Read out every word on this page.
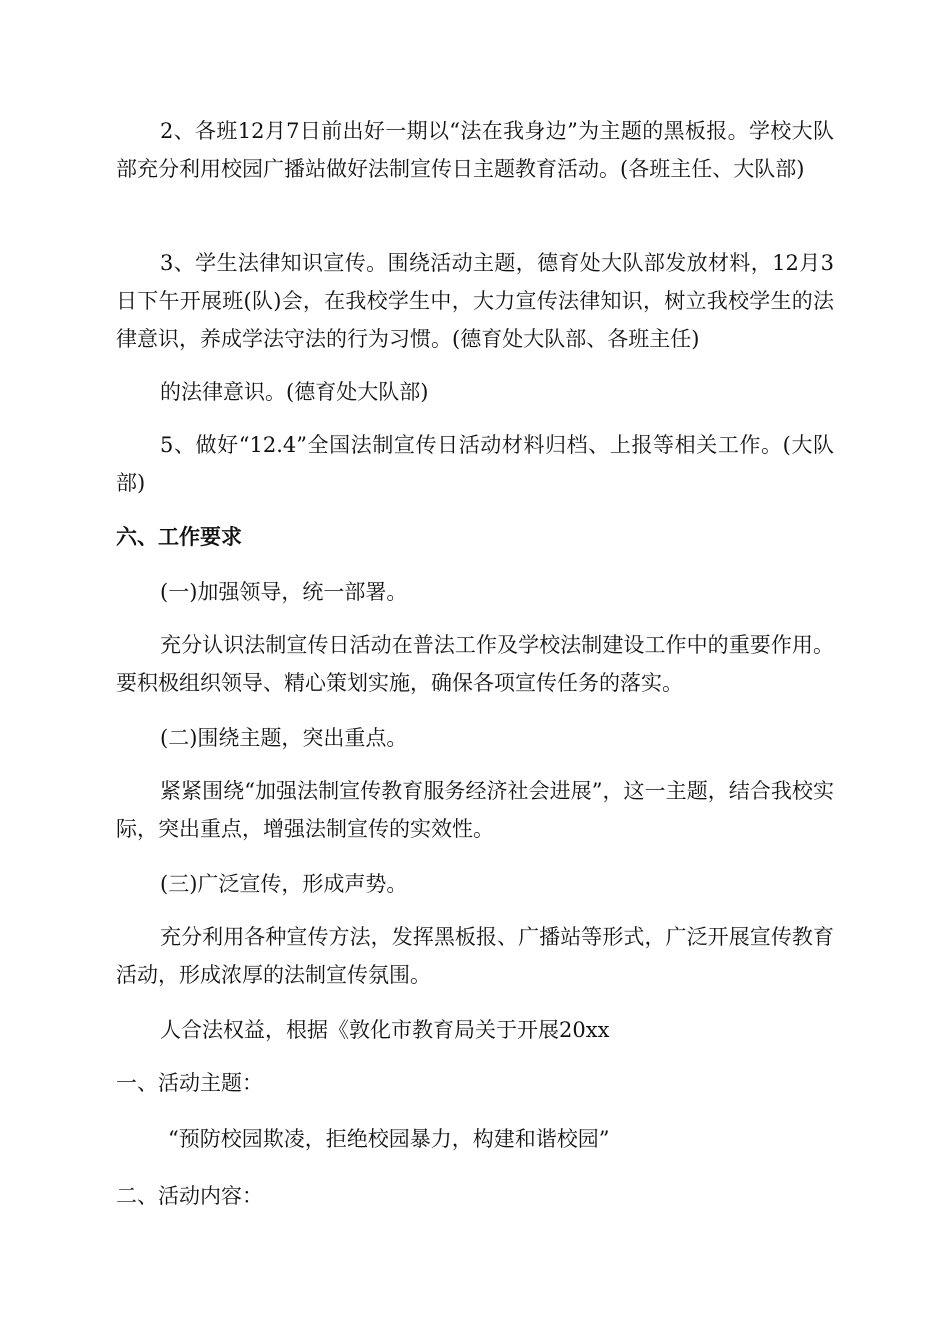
2、各班12月7日前出好一期以“法在我身边”为主题的黑板报。学校大队部充分利用校园广播站做好法制宣传日主题教育活动。(各班主任、大队部)

3、学生法律知识宣传。围绕活动主题，德育处大队部发放材料，12月3日下午开展班(队)会，在我校学生中，大力宣传法律知识，树立我校学生的法律意识，养成学法守法的行为习惯。(德育处大队部、各班主任)

的法律意识。(德育处大队部)

5、做好“12.4”全国法制宣传日活动材料归档、上报等相关工作。(大队部)

六、工作要求

(一)加强领导，统一部署。

充分认识法制宣传日活动在普法工作及学校法制建设工作中的重要作用。要积极组织领导、精心策划实施，确保各项宣传任务的落实。

(二)围绕主题，突出重点。

紧紧围绕“加强法制宣传教育服务经济社会进展”，这一主题，结合我校实际，突出重点，增强法制宣传的实效性。

(三)广泛宣传，形成声势。

充分利用各种宣传方法，发挥黑板报、广播站等形式，广泛开展宣传教育活动，形成浓厚的法制宣传氛围。

人合法权益，根据《敦化市教育局关于开展20xx

一、活动主题：

“预防校园欺凌，拒绝校园暴力，构建和谐校园”

二、活动内容：
